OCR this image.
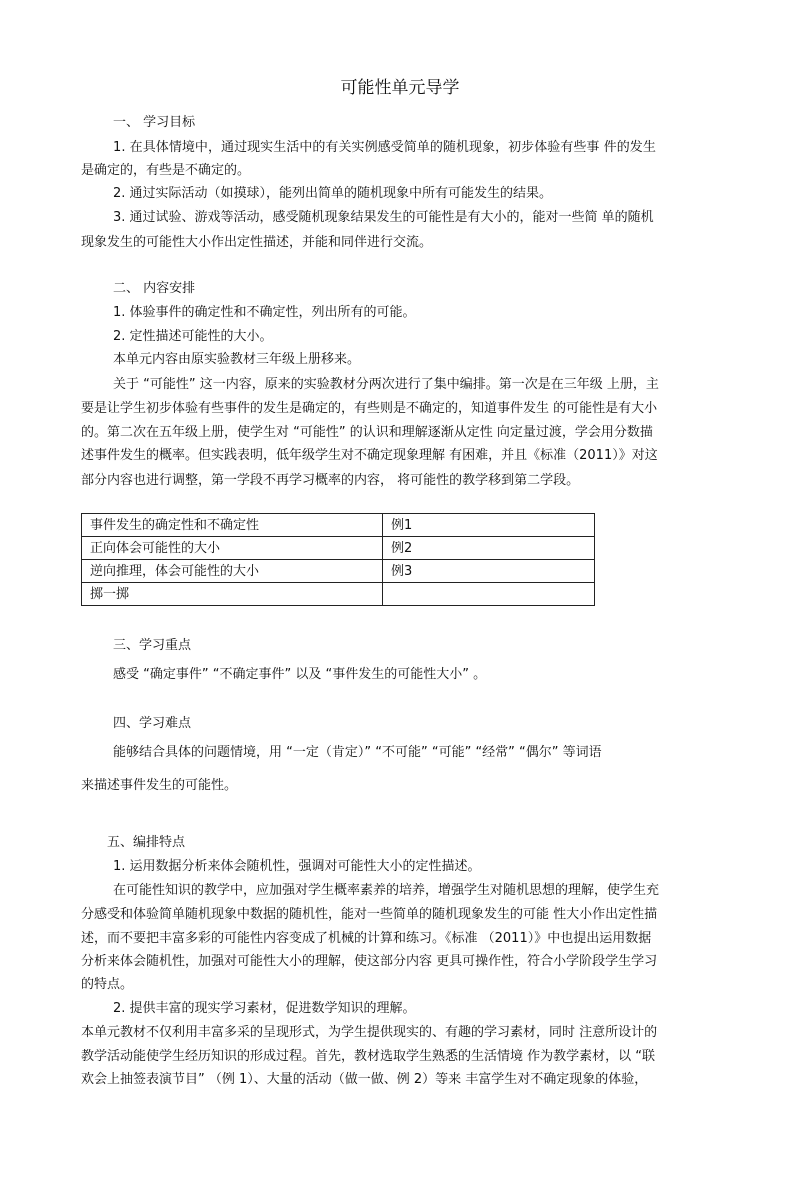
可能性单元导学
一、 学习目标
1. 在具体情境中，通过现实生活中的有关实例感受简单的随机现象，初步体验有些事 件的发生
是确定的，有些是不确定的。
2. 通过实际活动（如摸球），能列出简单的随机现象中所有可能发生的结果。
3. 通过试验、游戏等活动，感受随机现象结果发生的可能性是有大小的，能对一些简 单的随机
现象发生的可能性大小作出定性描述，并能和同伴进行交流。
二、 内容安排
1. 体验事件的确定性和不确定性，列出所有的可能。
2. 定性描述可能性的大小。
本单元内容由原实验教材三年级上册移来。
关于 “可能性” 这一内容，原来的实验教材分两次进行了集中编排。第一次是在三年级 上册，主
要是让学生初步体验有些事件的发生是确定的，有些则是不确定的，知道事件发生 的可能性是有大小
的。第二次在五年级上册，使学生对 “可能性” 的认识和理解逐渐从定性 向定量过渡，学会用分数描
述事件发生的概率。但实践表明，低年级学生对不确定现象理解 有困难，并且《标准（2011）》对这
部分内容也进行调整，第一学段不再学习概率的内容， 将可能性的教学移到第二学段。
事件发生的确定性和不确定性	例1
正向体会可能性的大小	例2
逆向推理，体会可能性的大小	例3
掷一掷	
三、学习重点
感受 “确定事件” “不确定事件” 以及 “事件发生的可能性大小” 。
四、学习难点
能够结合具体的问题情境，用 “一定（肯定）” “不可能” “可能” “经常” “偶尔” 等词语
来描述事件发生的可能性。
五、编排特点
1. 运用数据分析来体会随机性，强调对可能性大小的定性描述。
在可能性知识的教学中，应加强对学生概率素养的培养，增强学生对随机思想的理解，使学生充
分感受和体验简单随机现象中数据的随机性，能对一些简单的随机现象发生的可能 性大小作出定性描
述，而不要把丰富多彩的可能性内容变成了机械的计算和练习。《标准 （2011）》中也提出运用数据
分析来体会随机性，加强对可能性大小的理解，使这部分内容 更具可操作性，符合小学阶段学生学习
的特点。
2. 提供丰富的现实学习素材，促进数学知识的理解。
本单元教材不仅利用丰富多采的呈现形式，为学生提供现实的、有趣的学习素材，同时 注意所设计的
教学活动能使学生经历知识的形成过程。首先，教材选取学生熟悉的生活情境 作为教学素材，以 “联
欢会上抽签表演节目” （例 1）、大量的活动（做一做、例 2）等来 丰富学生对不确定现象的体验，
